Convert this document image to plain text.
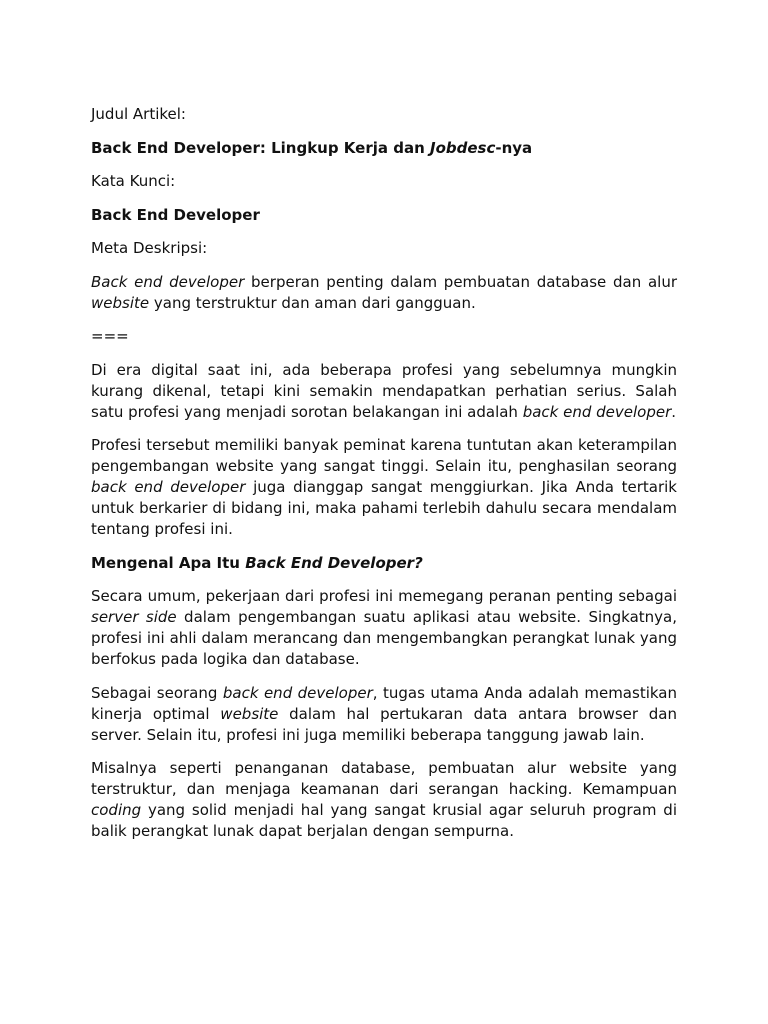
Judul Artikel:

Back End Developer: Lingkup Kerja dan Jobdesc-nya

Kata Kunci:

Back End Developer

Meta Deskripsi:

Back end developer berperan penting dalam pembuatan database dan alur website yang terstruktur dan aman dari gangguan.

===

Di era digital saat ini, ada beberapa profesi yang sebelumnya mungkin kurang dikenal, tetapi kini semakin mendapatkan perhatian serius. Salah satu profesi yang menjadi sorotan belakangan ini adalah back end developer.

Profesi tersebut memiliki banyak peminat karena tuntutan akan keterampilan pengembangan website yang sangat tinggi. Selain itu, penghasilan seorang back end developer juga dianggap sangat menggiurkan. Jika Anda tertarik untuk berkarier di bidang ini, maka pahami terlebih dahulu secara mendalam tentang profesi ini.

Mengenal Apa Itu Back End Developer?

Secara umum, pekerjaan dari profesi ini memegang peranan penting sebagai server side dalam pengembangan suatu aplikasi atau website. Singkatnya, profesi ini ahli dalam merancang dan mengembangkan perangkat lunak yang berfokus pada logika dan database.

Sebagai seorang back end developer, tugas utama Anda adalah memastikan kinerja optimal website dalam hal pertukaran data antara browser dan server. Selain itu, profesi ini juga memiliki beberapa tanggung jawab lain.

Misalnya seperti penanganan database, pembuatan alur website yang terstruktur, dan menjaga keamanan dari serangan hacking. Kemampuan coding yang solid menjadi hal yang sangat krusial agar seluruh program di balik perangkat lunak dapat berjalan dengan sempurna.
